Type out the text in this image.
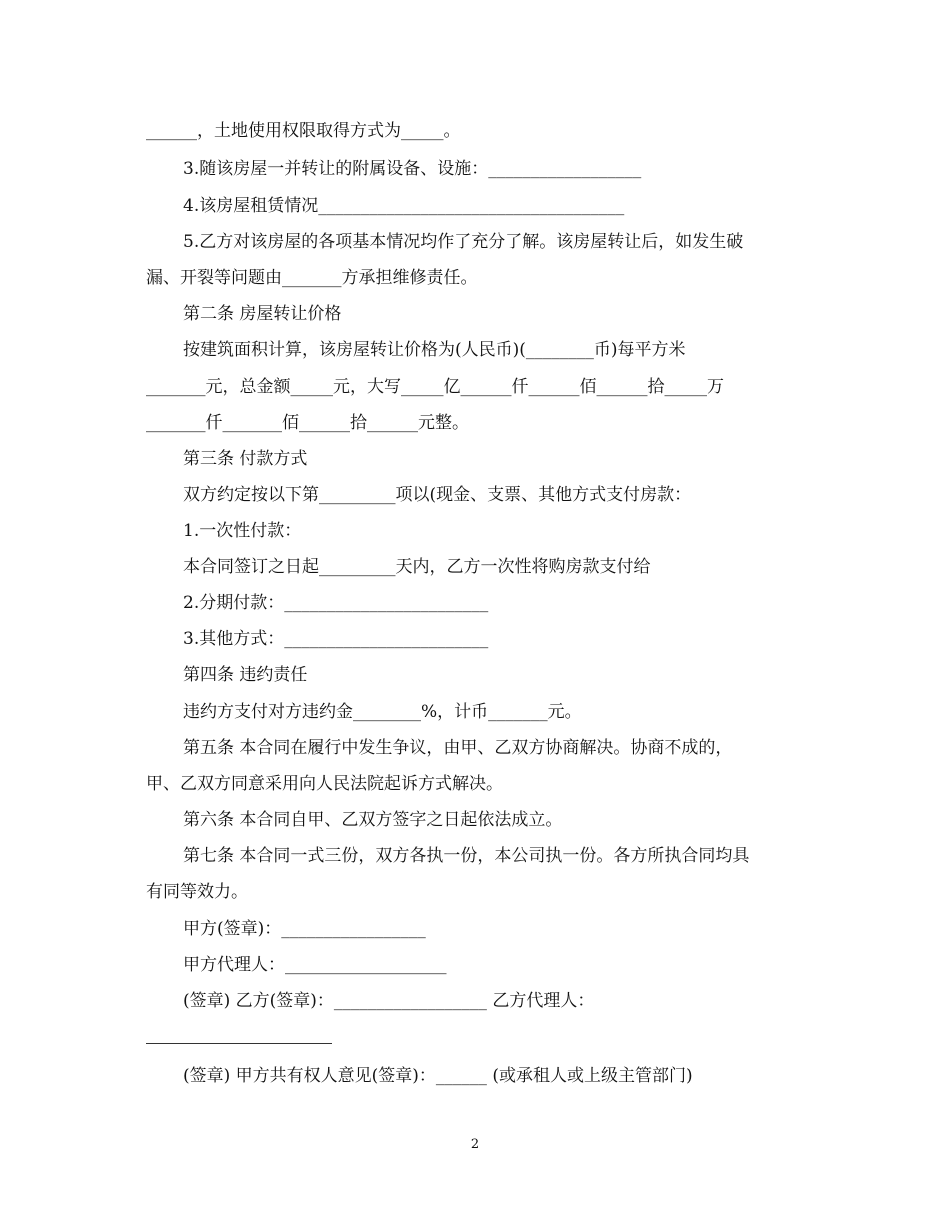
______，土地使用权限取得方式为_____。
3.随该房屋一并转让的附属设备、设施：__________________
4.该房屋租赁情况____________________________________
5.乙方对该房屋的各项基本情况均作了充分了解。该房屋转让后，如发生破
漏、开裂等问题由_______方承担维修责任。
第二条 房屋转让价格
按建筑面积计算，该房屋转让价格为(人民币)(________币)每平方米
_______元，总金额_____元，大写_____亿______仟______佰______拾_____万
_______仟_______佰______拾______元整。
第三条 付款方式
双方约定按以下第_________项以(现金、支票、其他方式支付房款：
1.一次性付款：
本合同签订之日起_________天内，乙方一次性将购房款支付给
2.分期付款：________________________
3.其他方式：________________________
第四条 违约责任
违约方支付对方违约金________%，计币_______元。
第五条 本合同在履行中发生争议，由甲、乙双方协商解决。协商不成的，
甲、乙双方同意采用向人民法院起诉方式解决。
第六条 本合同自甲、乙双方签字之日起依法成立。
第七条 本合同一式三份，双方各执一份，本公司执一份。各方所执合同均具
有同等效力。
甲方(签章)：_________________
甲方代理人：___________________
(签章) 乙方(签章)：__________________ 乙方代理人：
(签章) 甲方共有权人意见(签章)：______ (或承租人或上级主管部门)
2
